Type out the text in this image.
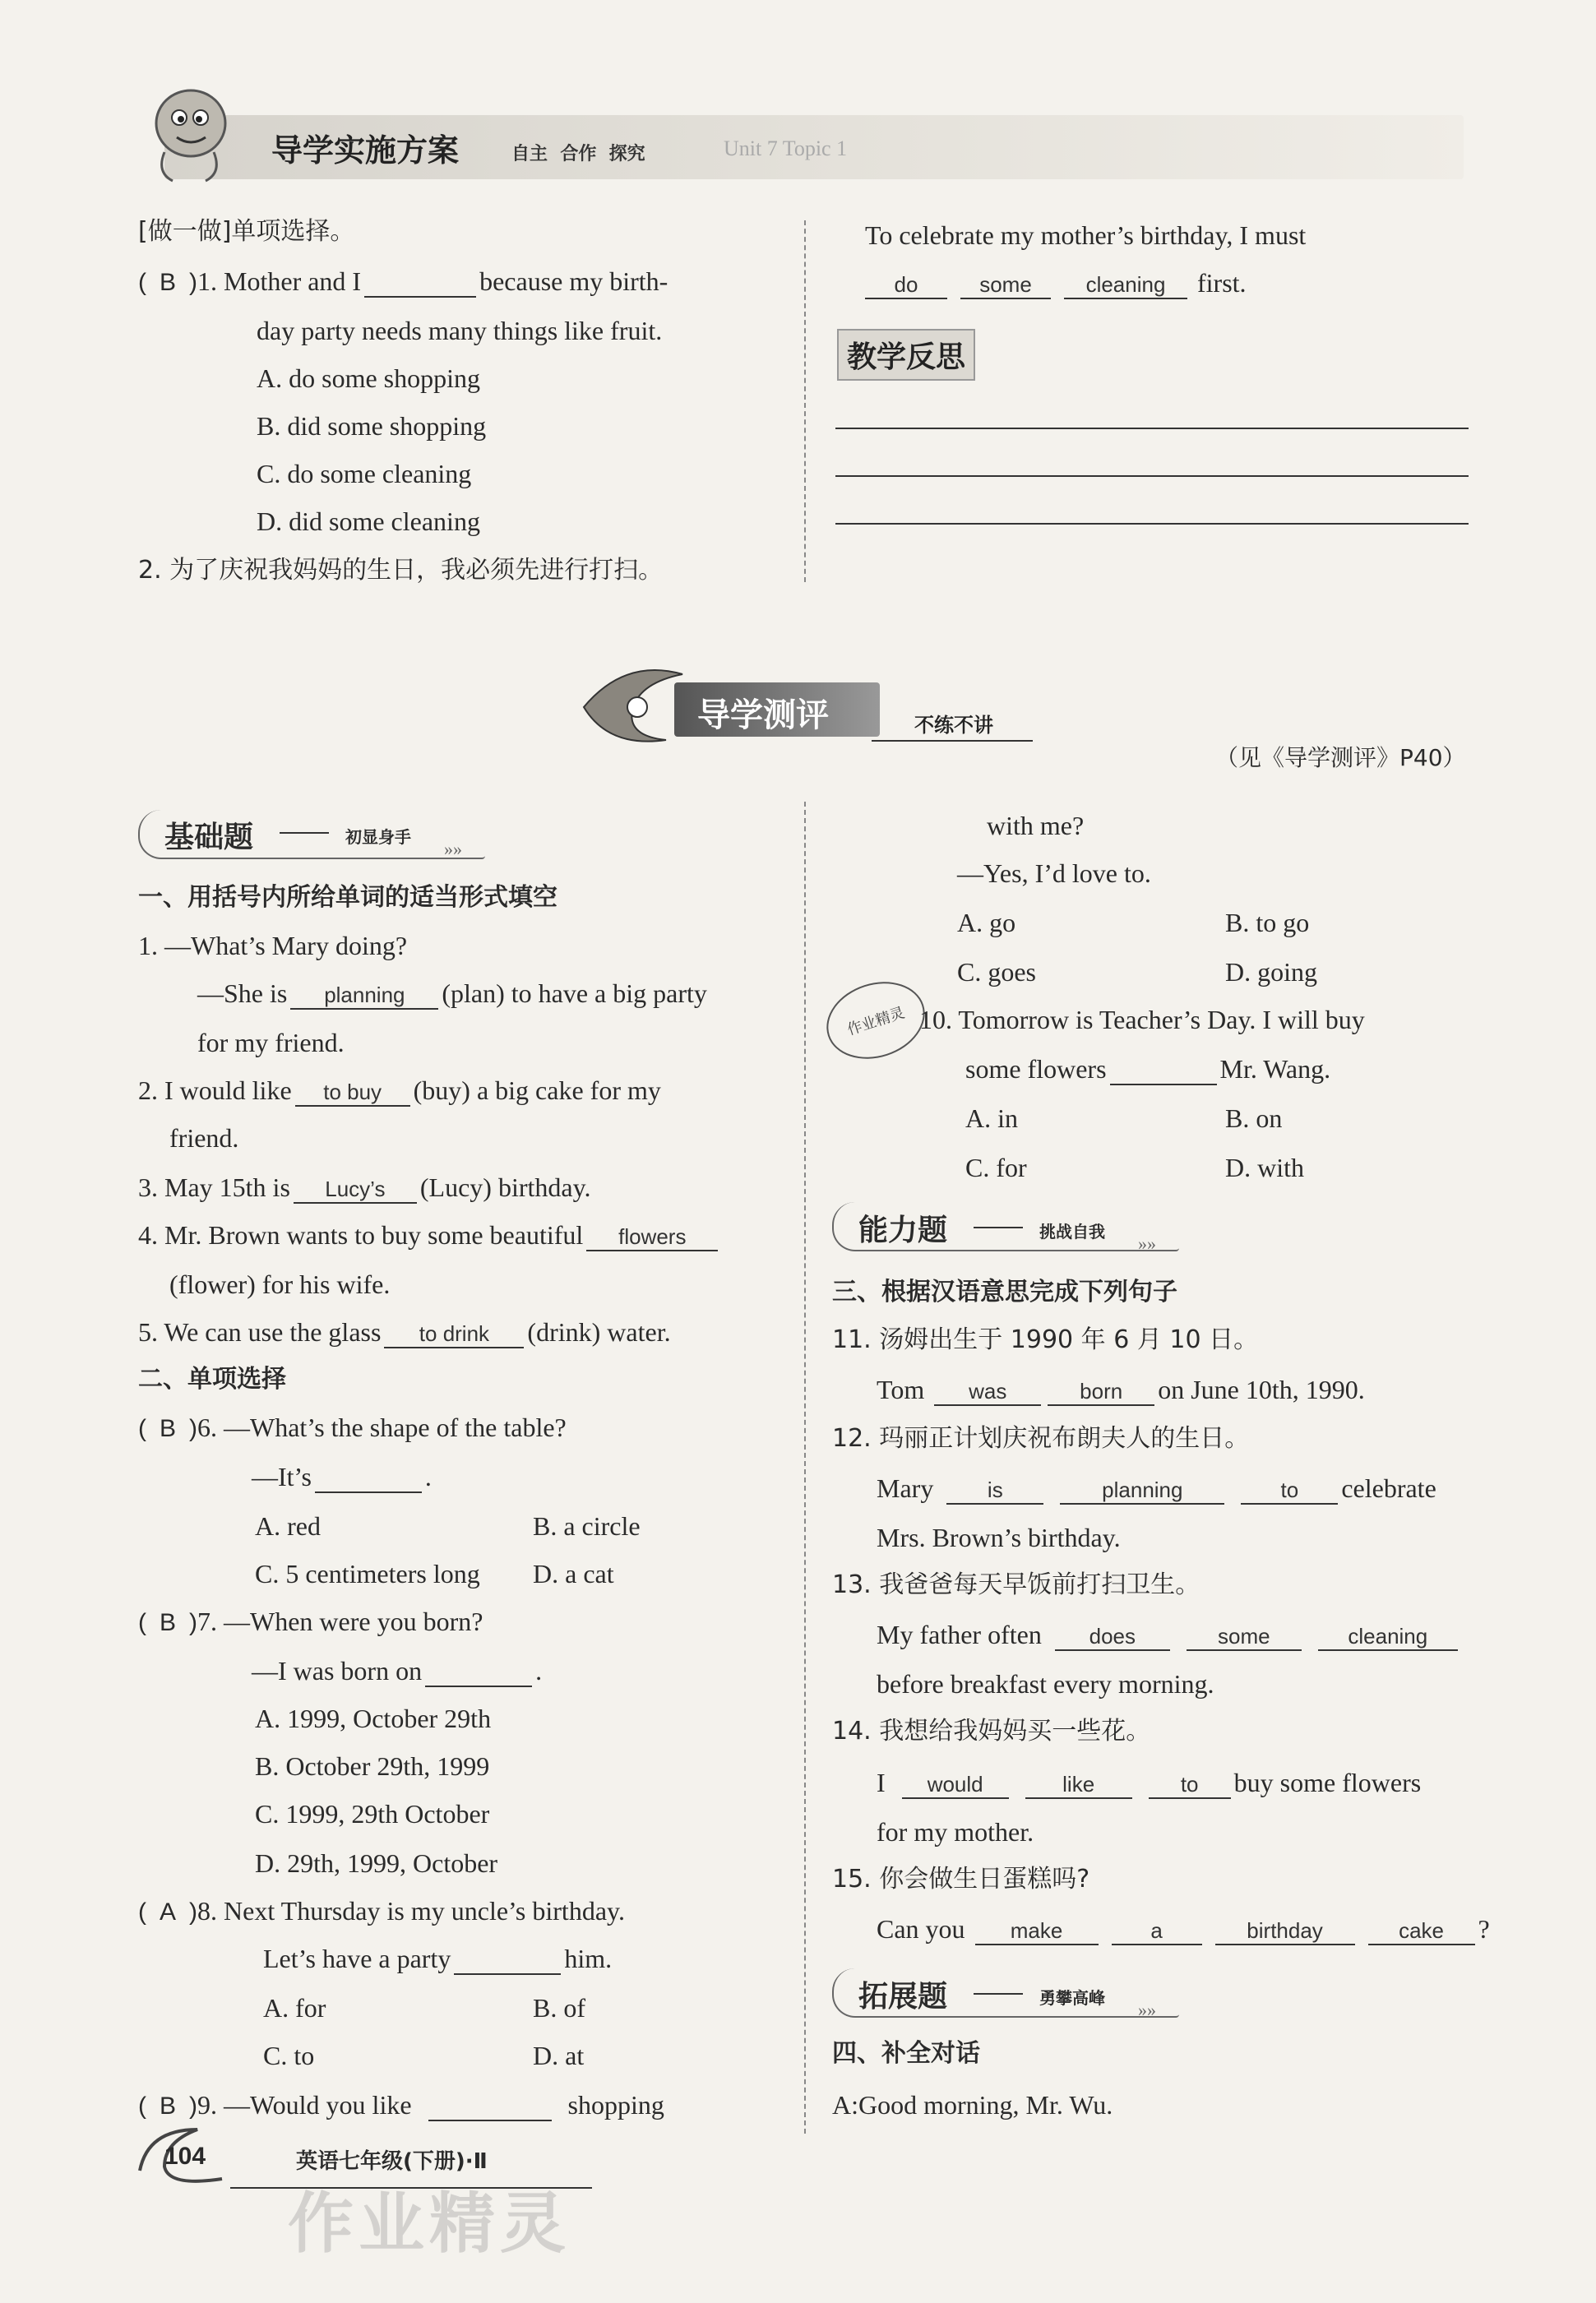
导学实施方案	自主  合作  探究	Unit 7 Topic 1
[做一做]单项选择。
( B )1. Mother and I	because my birth-
day party needs many things like fruit.
A. do some shopping
B. did some shopping
C. do some cleaning
D. did some cleaning
2. 为了庆祝我妈妈的生日，我必须先进行打扫。
To celebrate my mother’s birthday, I must
do	some	cleaning first.
教学反思
导学测评	不练不讲
（见《导学测评》P40）
基础题	初显身手
»»
一、用括号内所给单词的适当形式填空
1. —What’s Mary doing?
—She is planning (plan) to have a big party
for my friend.
2. I would like to buy (buy) a big cake for my
friend.
3. May 15th is Lucy’s (Lucy) birthday.
4. Mr. Brown wants to buy some beautiful flowers
(flower) for his wife.
5. We can use the glass to drink (drink) water.
二、单项选择
( B )6. —What’s the shape of the table?
—It’s	.
A. red	B. a circle
C. 5 centimeters long D. a cat
( B )7. —When were you born?
—I was born on	.
A. 1999, October 29th
B. October 29th, 1999
C. 1999, 29th October
D. 29th, 1999, October
( A )8. Next Thursday is my uncle’s birthday.
Let’s have a party	him.
A. for	B. of
C. to	D. at
( B )9. —Would you like	shopping
with me?
—Yes, I’d love to.
A. go	B. to go
C. goes	D. going
作业精灵 10. Tomorrow is Teacher’s Day. I will buy
some flowers	Mr. Wang.
A. in	B. on
C. for	D. with
能力题	挑战自我
»»
三、根据汉语意思完成下列句子
11. 汤姆出生于 1990 年 6 月 10 日。
Tom was	born on June 10th, 1990.
12. 玛丽正计划庆祝布朗夫人的生日。
Mary	is	planning	to celebrate
Mrs. Brown’s birthday.
13. 我爸爸每天早饭前打扫卫生。
My father often does	some	cleaning
before breakfast every morning.
14. 我想给我妈妈买一些花。
I would	like	to buy some flowers
for my mother.
15. 你会做生日蛋糕吗?
Can you make	a	birthday	cake ?
拓展题	勇攀高峰
»»
四、补全对话
A:Good morning, Mr. Wu.
104	英语七年级(下册)·Ⅱ
作业精灵
